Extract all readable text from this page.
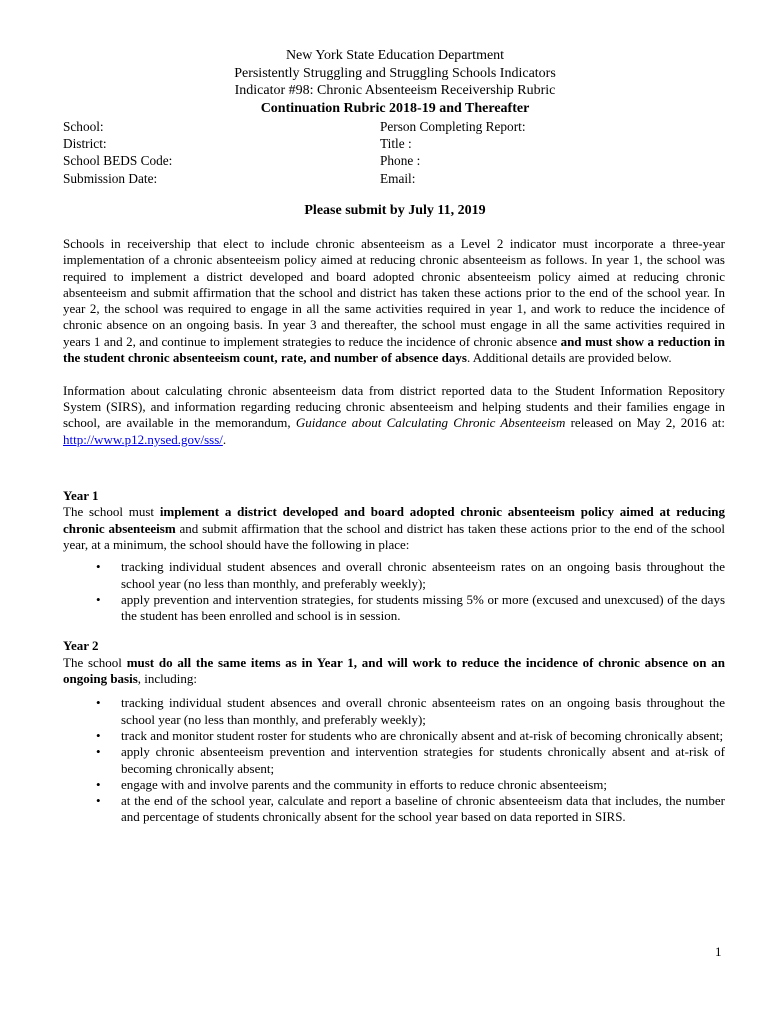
New York State Education Department
Persistently Struggling and Struggling Schools Indicators
Indicator #98: Chronic Absenteeism Receivership Rubric
Continuation Rubric 2018-19 and Thereafter
School:
District:
School BEDS Code:
Submission Date:
Person Completing Report:
Title :
Phone :
Email:
Please submit by July 11, 2019

Schools in receivership that elect to include chronic absenteeism as a Level 2 indicator must incorporate a three-year implementation of a chronic absenteeism policy aimed at reducing chronic absenteeism as follows. In year 1, the school was required to implement a district developed and board adopted chronic absenteeism policy aimed at reducing chronic absenteeism and submit affirmation that the school and district has taken these actions prior to the end of the school year. In year 2, the school was required to engage in all the same activities required in year 1, and work to reduce the incidence of chronic absence on an ongoing basis. In year 3 and thereafter, the school must engage in all the same activities required in years 1 and 2, and continue to implement strategies to reduce the incidence of chronic absence and must show a reduction in the student chronic absenteeism count, rate, and number of absence days. Additional details are provided below.

Information about calculating chronic absenteeism data from district reported data to the Student Information Repository System (SIRS), and information regarding reducing chronic absenteeism and helping students and their families engage in school, are available in the memorandum, Guidance about Calculating Chronic Absenteeism released on May 2, 2016 at: http://www.p12.nysed.gov/sss/.

Year 1

The school must implement a district developed and board adopted chronic absenteeism policy aimed at reducing chronic absenteeism and submit affirmation that the school and district has taken these actions prior to the end of the school year, at a minimum, the school should have the following in place:

• tracking individual student absences and overall chronic absenteeism rates on an ongoing basis throughout the school year (no less than monthly, and preferably weekly);
• apply prevention and intervention strategies, for students missing 5% or more (excused and unexcused) of the days the student has been enrolled and school is in session.
Year 2

The school must do all the same items as in Year 1, and will work to reduce the incidence of chronic absence on an ongoing basis, including:

• tracking individual student absences and overall chronic absenteeism rates on an ongoing basis throughout the school year (no less than monthly, and preferably weekly);
• track and monitor student roster for students who are chronically absent and at-risk of becoming chronically absent;
• apply chronic absenteeism prevention and intervention strategies for students chronically absent and at-risk of becoming chronically absent;
• engage with and involve parents and the community in efforts to reduce chronic absenteeism;
• at the end of the school year, calculate and report a baseline of chronic absenteeism data that includes, the number and percentage of students chronically absent for the school year based on data reported in SIRS.
1
